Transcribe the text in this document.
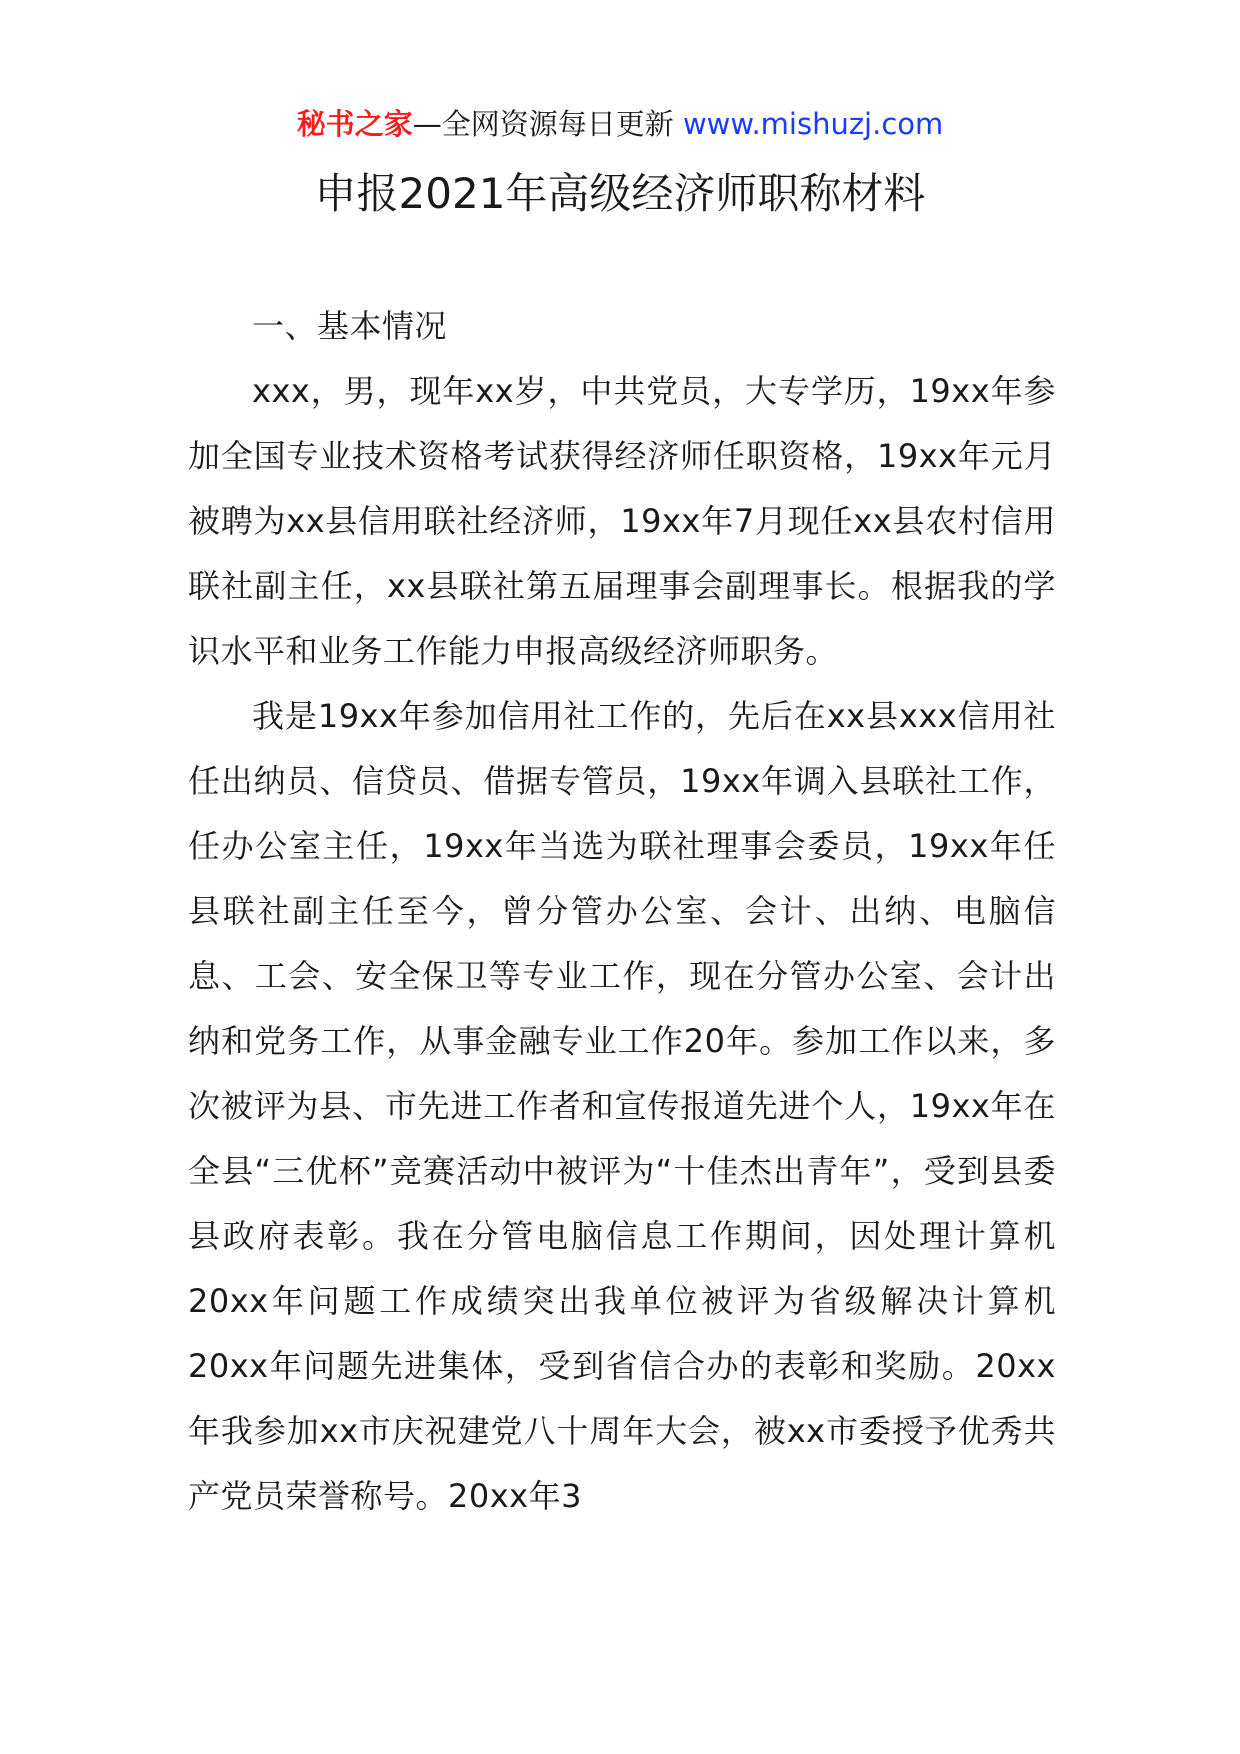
秘书之家—全网资源每日更新 www.mishuzj.com
申报2021年高级经济师职称材料

一、基本情况

xxx，男，现年xx岁，中共党员，大专学历，19xx年参加全国专业技术资格考试获得经济师任职资格，19xx年元月被聘为xx县信用联社经济师，19xx年7月现任xx县农村信用联社副主任，xx县联社第五届理事会副理事长。根据我的学识水平和业务工作能力申报高级经济师职务。

我是19xx年参加信用社工作的，先后在xx县xxx信用社任出纳员、信贷员、借据专管员，19xx年调入县联社工作，任办公室主任，19xx年当选为联社理事会委员，19xx年任县联社副主任至今，曾分管办公室、会计、出纳、电脑信息、工会、安全保卫等专业工作，现在分管办公室、会计出纳和党务工作，从事金融专业工作20年。参加工作以来，多次被评为县、市先进工作者和宣传报道先进个人，19xx年在全县“三优杯”竞赛活动中被评为“十佳杰出青年”，受到县委县政府表彰。我在分管电脑信息工作期间，因处理计算机20xx年问题工作成绩突出我单位被评为省级解决计算机20xx年问题先进集体，受到省信合办的表彰和奖励。20xx年我参加xx市庆祝建党八十周年大会，被xx市委授予优秀共产党员荣誉称号。20xx年3
